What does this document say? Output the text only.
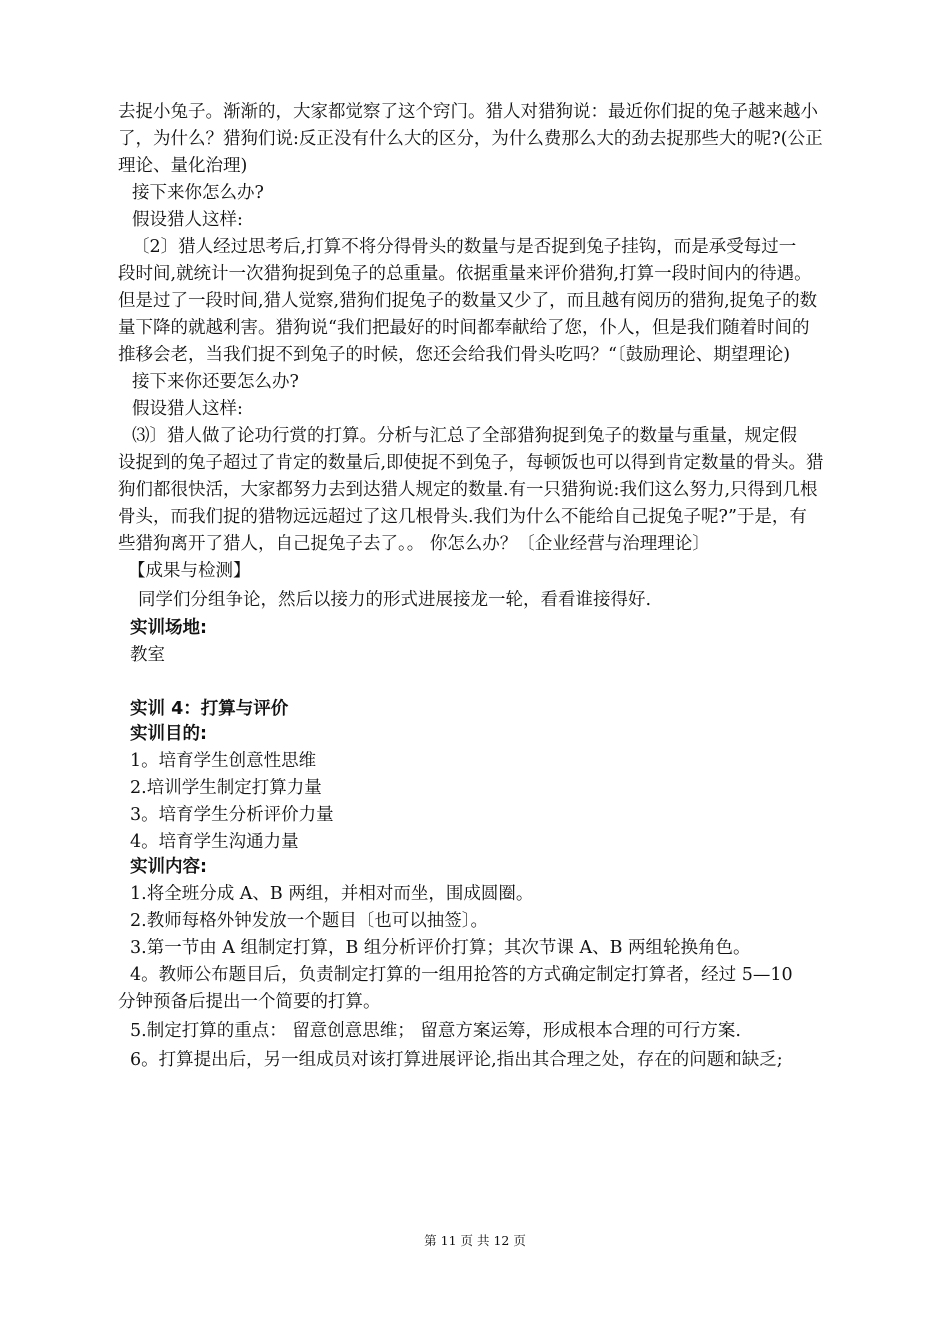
去捉小兔子。渐渐的，大家都觉察了这个窍门。猎人对猎狗说：最近你们捉的兔子越来越小
了，为什么？猎狗们说:反正没有什么大的区分，为什么费那么大的劲去捉那些大的呢?(公正
理论、量化治理)
接下来你怎么办?
假设猎人这样:
〔2〕猎人经过思考后,打算不将分得骨头的数量与是否捉到兔子挂钩，而是承受每过一
段时间,就统计一次猎狗捉到兔子的总重量。依据重量来评价猎狗,打算一段时间内的待遇。
但是过了一段时间,猎人觉察,猎狗们捉兔子的数量又少了，而且越有阅历的猎狗,捉兔子的数
量下降的就越利害。猎狗说“我们把最好的时间都奉献给了您，仆人，但是我们随着时间的
推移会老，当我们捉不到兔子的时候，您还会给我们骨头吃吗？“〔鼓励理论、期望理论)
接下来你还要怎么办?
假设猎人这样:
⑶〕猎人做了论功行赏的打算。分析与汇总了全部猎狗捉到兔子的数量与重量，规定假
设捉到的兔子超过了肯定的数量后,即使捉不到兔子，每顿饭也可以得到肯定数量的骨头。猎
狗们都很快活，大家都努力去到达猎人规定的数量.有一只猎狗说:我们这么努力,只得到几根
骨头，而我们捉的猎物远远超过了这几根骨头.我们为什么不能给自己捉兔子呢?”于是，有
些猎狗离开了猎人，自己捉兔子去了。。 你怎么办？〔企业经营与治理理论〕
【成果与检测】
同学们分组争论，然后以接力的形式进展接龙一轮，看看谁接得好.
实训场地:
教室
实训 4：打算与评价
实训目的:
1。培育学生创意性思维
2.培训学生制定打算力量
3。培育学生分析评价力量
4。培育学生沟通力量
实训内容:
1.将全班分成 A、B 两组，并相对而坐，围成圆圈。
2.教师每格外钟发放一个题目〔也可以抽签〕。
3.第一节由 A 组制定打算，B 组分析评价打算；其次节课 A、B 两组轮换角色。
4。教师公布题目后，负责制定打算的一组用抢答的方式确定制定打算者，经过 5—10
分钟预备后提出一个简要的打算。
5.制定打算的重点： 留意创意思维； 留意方案运筹，形成根本合理的可行方案.
6。打算提出后，另一组成员对该打算进展评论,指出其合理之处，存在的问题和缺乏;
第 11 页 共 12 页
